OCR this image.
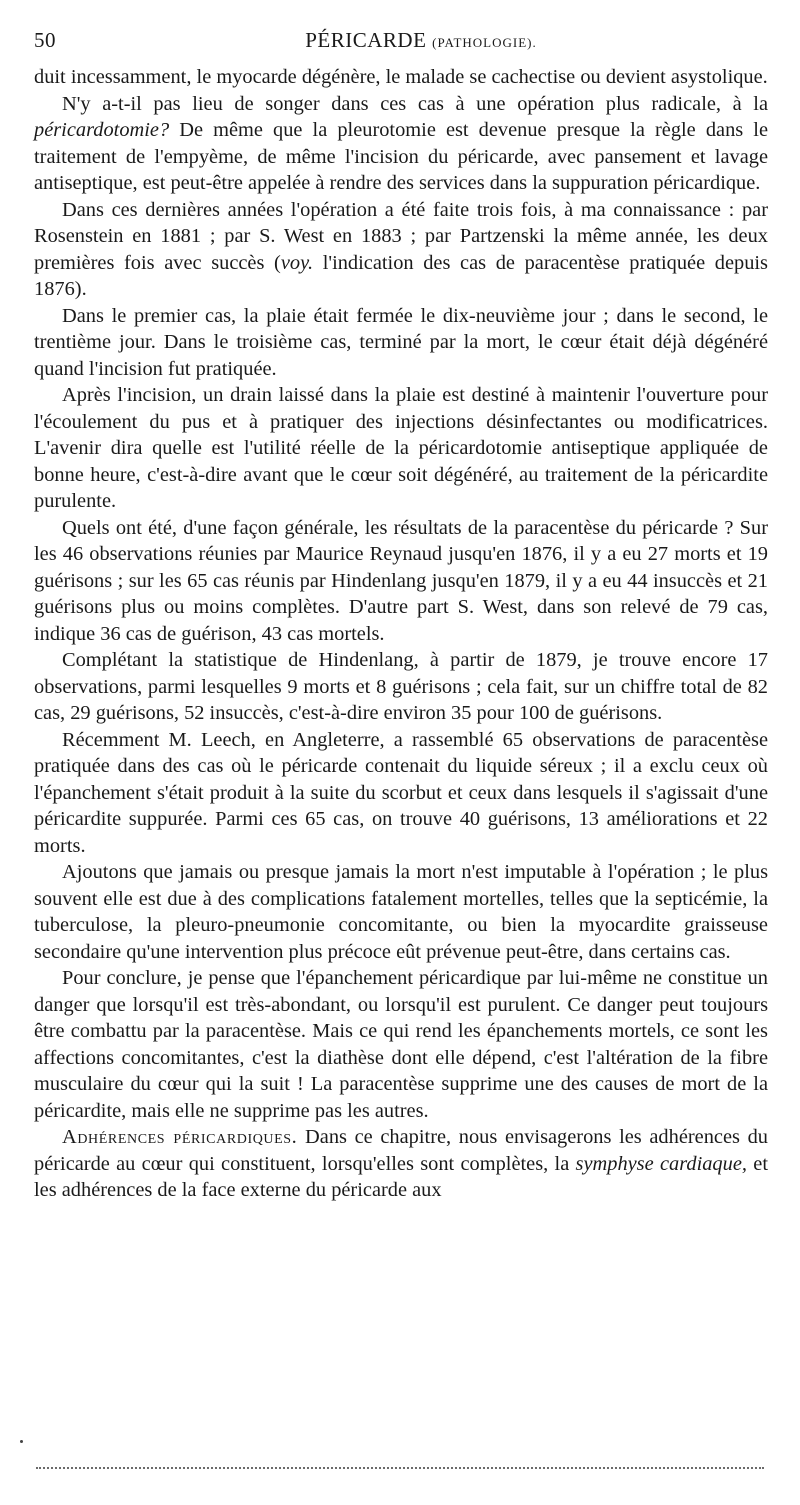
50	PÉRICARDE (PATHOLOGIE).

duit incessamment, le myocarde dégénère, le malade se cachectise ou devient asystolique.

N'y a-t-il pas lieu de songer dans ces cas à une opération plus radicale, à la péricardotomie? De même que la pleurotomie est devenue presque la règle dans le traitement de l'empyème, de même l'incision du péricarde, avec pansement et lavage antiseptique, est peut-être appelée à rendre des services dans la suppuration péricardique.

Dans ces dernières années l'opération a été faite trois fois, à ma connaissance : par Rosenstein en 1881 ; par S. West en 1883 ; par Partzenski la même année, les deux premières fois avec succès (voy. l'indication des cas de paracentèse pratiquée depuis 1876).

Dans le premier cas, la plaie était fermée le dix-neuvième jour ; dans le second, le trentième jour. Dans le troisième cas, terminé par la mort, le cœur était déjà dégénéré quand l'incision fut pratiquée.

Après l'incision, un drain laissé dans la plaie est destiné à maintenir l'ouverture pour l'écoulement du pus et à pratiquer des injections désinfectantes ou modificatrices. L'avenir dira quelle est l'utilité réelle de la péricardotomie antiseptique appliquée de bonne heure, c'est-à-dire avant que le cœur soit dégénéré, au traitement de la péricardite purulente.

Quels ont été, d'une façon générale, les résultats de la paracentèse du péricarde ? Sur les 46 observations réunies par Maurice Reynaud jusqu'en 1876, il y a eu 27 morts et 19 guérisons ; sur les 65 cas réunis par Hindenlang jusqu'en 1879, il y a eu 44 insuccès et 21 guérisons plus ou moins complètes. D'autre part S. West, dans son relevé de 79 cas, indique 36 cas de guérison, 43 cas mortels.

Complétant la statistique de Hindenlang, à partir de 1879, je trouve encore 17 observations, parmi lesquelles 9 morts et 8 guérisons ; cela fait, sur un chiffre total de 82 cas, 29 guérisons, 52 insuccès, c'est-à-dire environ 35 pour 100 de guérisons.

Récemment M. Leech, en Angleterre, a rassemblé 65 observations de paracentèse pratiquée dans des cas où le péricarde contenait du liquide séreux ; il a exclu ceux où l'épanchement s'était produit à la suite du scorbut et ceux dans lesquels il s'agissait d'une péricardite suppurée. Parmi ces 65 cas, on trouve 40 guérisons, 13 améliorations et 22 morts.

Ajoutons que jamais ou presque jamais la mort n'est imputable à l'opération ; le plus souvent elle est due à des complications fatalement mortelles, telles que la septicémie, la tuberculose, la pleuro-pneumonie concomitante, ou bien la myocardite graisseuse secondaire qu'une intervention plus précoce eût prévenue peut-être, dans certains cas.

Pour conclure, je pense que l'épanchement péricardique par lui-même ne constitue un danger que lorsqu'il est très-abondant, ou lorsqu'il est purulent. Ce danger peut toujours être combattu par la paracentèse. Mais ce qui rend les épanchements mortels, ce sont les affections concomitantes, c'est la diathèse dont elle dépend, c'est l'altération de la fibre musculaire du cœur qui la suit ! La paracentèse supprime une des causes de mort de la péricardite, mais elle ne supprime pas les autres.

Adhérences péricardiques. Dans ce chapitre, nous envisagerons les adhérences du péricarde au cœur qui constituent, lorsqu'elles sont complètes, la symphyse cardiaque, et les adhérences de la face externe du péricarde aux
